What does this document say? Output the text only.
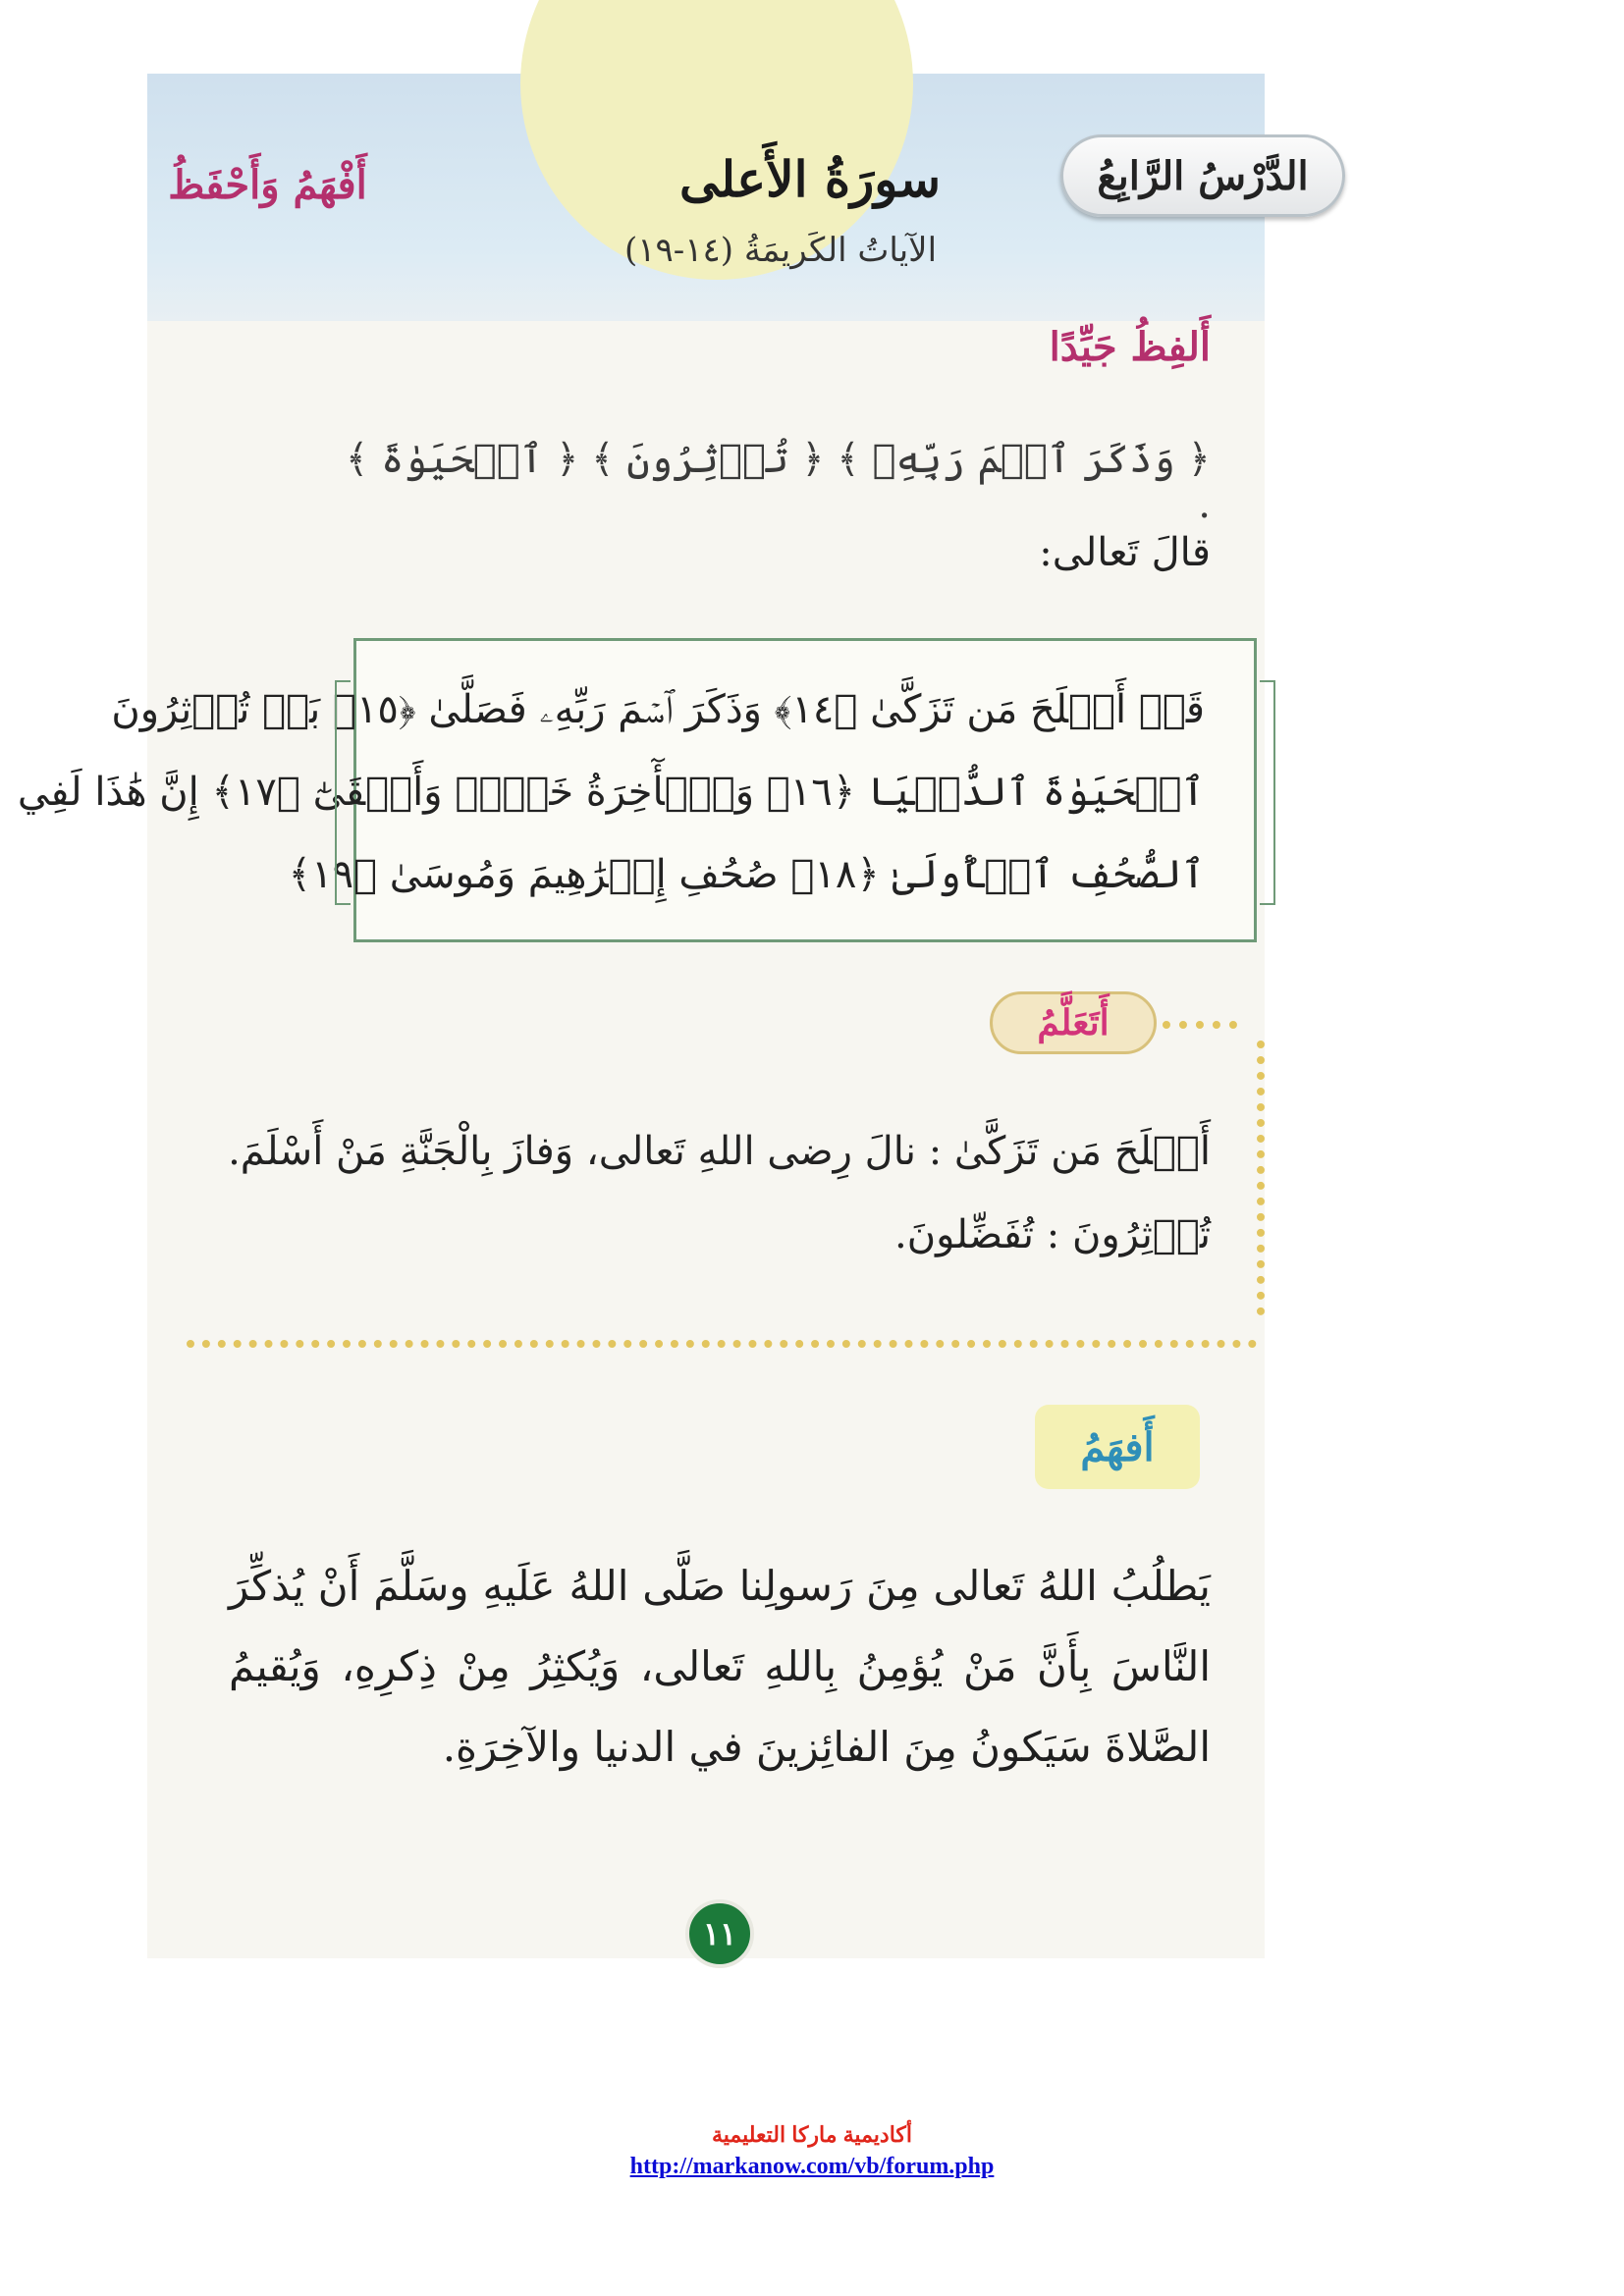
الدَّرْسُ الرَّابِعُ
سورَةُ الأَعلى
الآياتُ الكَريمَةُ (١٤-١٩)
أَفْهَمُ وَأَحْفَظُ
أَلفِظُ جَيِّدًا
﴿ وَذَكَرَ ٱسۡمَ رَبِّهِۦ ﴾ ﴿ تُؤۡثِرُونَ ﴾ ﴿ ٱلۡحَيَوٰةَ ﴾ .
قالَ تَعالى:
قَدۡ أَفۡلَحَ مَن تَزَكَّىٰ ﴿١٤﴾ وَذَكَرَ ٱسۡمَ رَبِّهِۦ فَصَلَّىٰ ﴿١٥﴾ بَلۡ تُؤۡثِرُونَ
ٱلۡحَيَوٰةَ ٱلدُّنۡيَا ﴿١٦﴾ وَٱلۡأٓخِرَةُ خَيۡرٞ وَأَبۡقَىٰٓ ﴿١٧﴾ إِنَّ هَٰذَا لَفِي
ٱلصُّحُفِ ٱلۡأُولَىٰ ﴿١٨﴾ صُحُفِ إِبۡرَٰهِيمَ وَمُوسَىٰ ﴿١٩﴾
أَتَعَلَّمُ
أَفۡلَحَ مَن تَزَكَّىٰ : نالَ رِضى اللهِ تَعالى، وَفازَ بِالْجَنَّةِ مَنْ أَسْلَمَ.
تُؤۡثِرُونَ : تُفَضِّلونَ.
أَفهَمُ
يَطلُبُ اللهُ تَعالى مِنَ رَسولِنا صَلَّى اللهُ عَلَيهِ وسَلَّمَ أَنْ يُذكِّرَ النَّاسَ بِأَنَّ مَنْ يُؤمِنُ بِاللهِ تَعالى، وَيُكثِرُ مِنْ ذِكرِهِ، وَيُقيمُ الصَّلاةَ سَيَكونُ مِنَ الفائِزينَ في الدنيا والآخِرَةِ.
١١
أكاديمية ماركا التعليمية
http://markanow.com/vb/forum.php
